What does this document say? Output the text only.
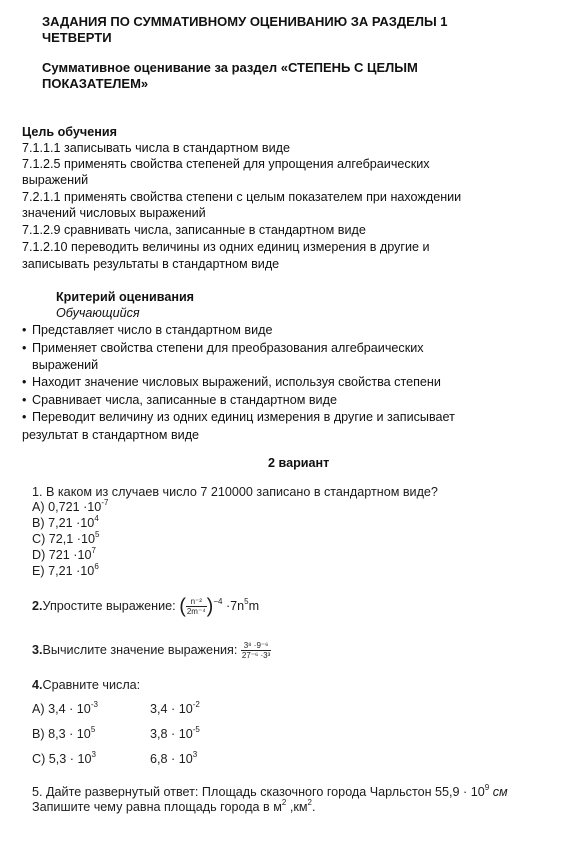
ЗАДАНИЯ ПО СУММАТИВНОМУ ОЦЕНИВАНИЮ ЗА РАЗДЕЛЫ 1
ЧЕТВЕРТИ
Суммативное оценивание за раздел «СТЕПЕНЬ С ЦЕЛЫМ
ПОКАЗАТЕЛЕМ»
Цель обучения
7.1.1.1 записывать числа в стандартном виде
7.1.2.5 применять свойства степеней для упрощения алгебраических
выражений
7.2.1.1 применять свойства степени с целым показателем при нахождении
значений числовых выражений
7.1.2.9 сравнивать числа, записанные в стандартном виде
7.1.2.10 переводить величины из одних единиц измерения в другие и
записывать результаты в стандартном виде
Критерий оценивания
Обучающийся
• Представляет число в стандартном виде
• Применяет свойства степени для преобразования алгебраических
выражений
• Находит значение числовых выражений, используя свойства степени
• Сравнивает числа, записанные в стандартном виде
• Переводит величину из одних единиц измерения в другие и записывает
результат в стандартном виде
2 вариант
1. В каком из случаев число 7 210000 записано в стандартном виде?
A) $0,721 \cdot 10^{-7}$
B) $7,21 \cdot 10^4$
C) $72,1 \cdot 10^5$
D) $721 \cdot 10^7$
E) $7,21 \cdot 10^6$
2.Упростите выражение: ( $\frac{\text{n⁻²}}{\text{2m⁻⁴}} )^{-4} \cdot 7n^5m$
3.Вычислите значение выражения: $\frac{\text{3⁸ ·9⁻⁶}}{\text{27⁻⁶ ·3³}}$
4.Сравните числа:
A) $3,4 \cdot 10^{-3}$	$3,4 \cdot 10^{-2}$
B) $8,3 \cdot 10^5$	$3,8 \cdot 10^{-5}$
C) $5,3 \cdot 10^3$	$6,8 \cdot 10^3$
5. Дайте развернутый ответ: Площадь сказочного города Чарльстон $55,9 \cdot 10^9$ см
Запишите чему равна площадь города в $м^2$ $,км^2$.
